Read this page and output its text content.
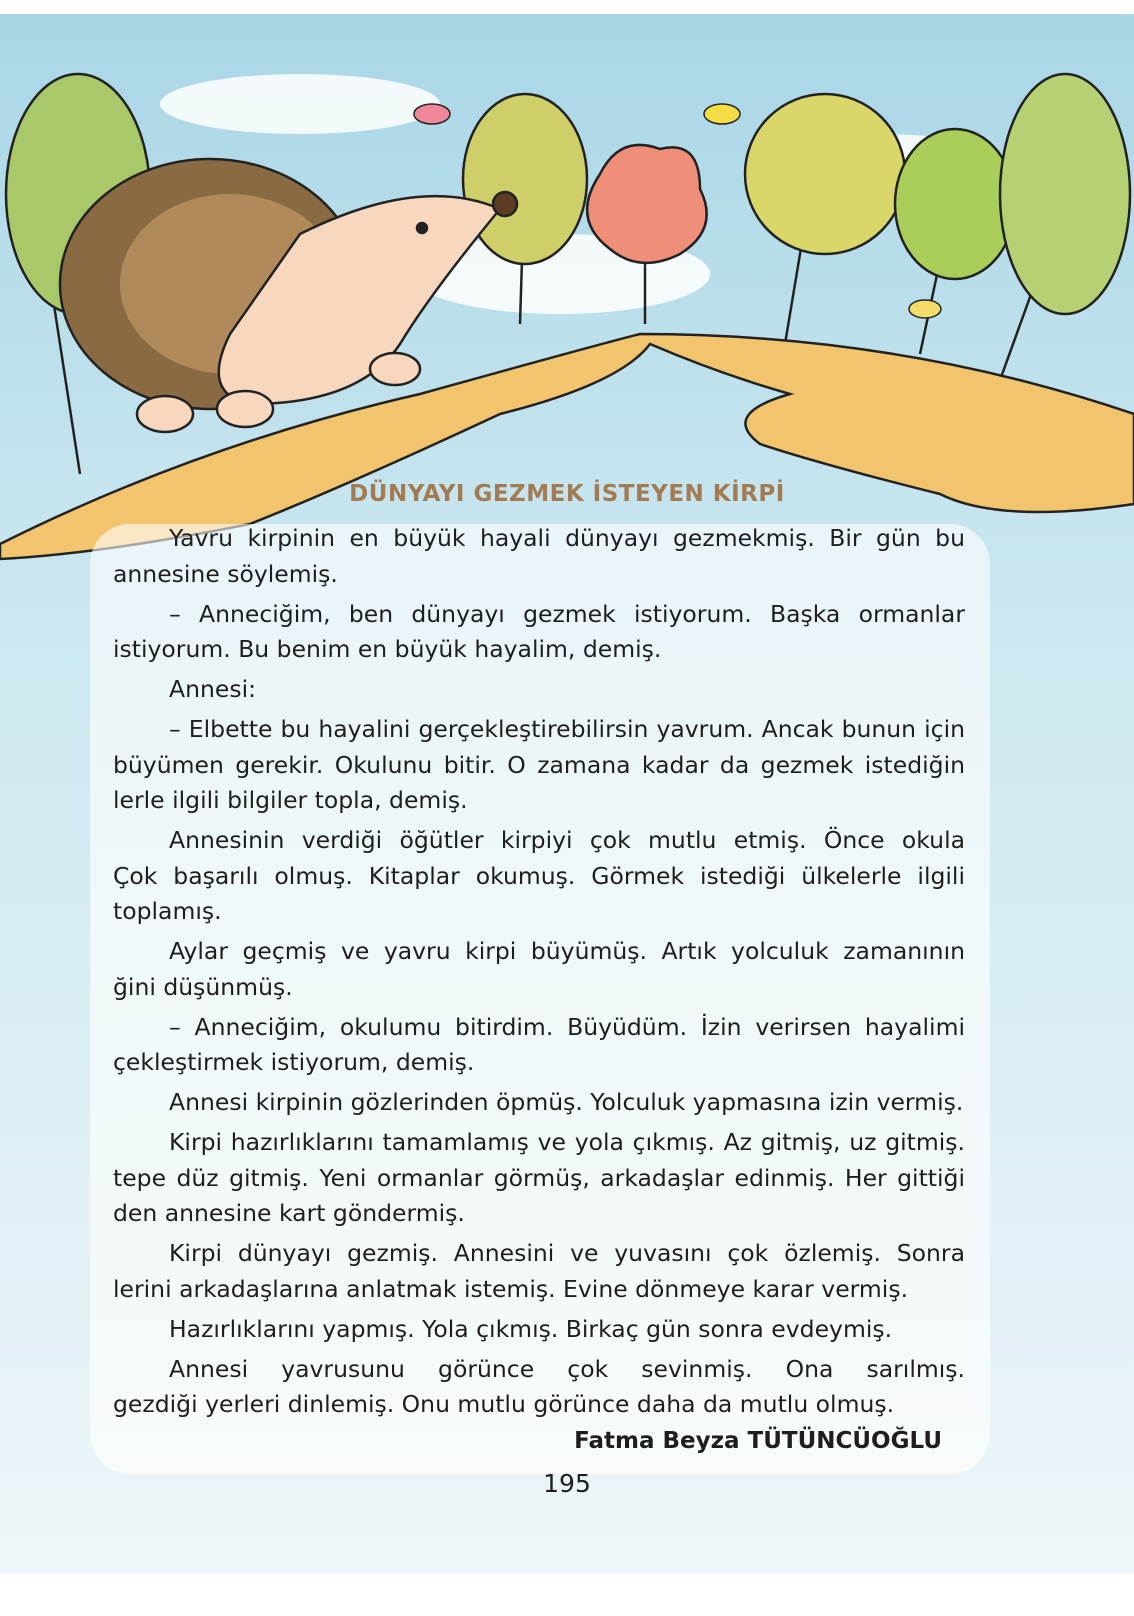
DÜNYAYI GEZMEK İSTEYEN KİRPİ
Yavru kirpinin en büyük hayali dünyayı gezmekmiş. Bir gün bu
annesine söylemiş.
– Anneciğim, ben dünyayı gezmek istiyorum. Başka ormanlar
istiyorum. Bu benim en büyük hayalim, demiş.
Annesi:
– Elbette bu hayalini gerçekleştirebilirsin yavrum. Ancak bunun için
büyümen gerekir. Okulunu bitir. O zamana kadar da gezmek istediğin
lerle ilgili bilgiler topla, demiş.
Annesinin verdiği öğütler kirpiyi çok mutlu etmiş. Önce okula
Çok başarılı olmuş. Kitaplar okumuş. Görmek istediği ülkelerle ilgili
toplamış.
Aylar geçmiş ve yavru kirpi büyümüş. Artık yolculuk zamanının
ğini düşünmüş.
– Anneciğim, okulumu bitirdim. Büyüdüm. İzin verirsen hayalimi
çekleştirmek istiyorum, demiş.
Annesi kirpinin gözlerinden öpmüş. Yolculuk yapmasına izin vermiş.
Kirpi hazırlıklarını tamamlamış ve yola çıkmış. Az gitmiş, uz gitmiş.
tepe düz gitmiş. Yeni ormanlar görmüş, arkadaşlar edinmiş. Her gittiği
den annesine kart göndermiş.
Kirpi dünyayı gezmiş. Annesini ve yuvasını çok özlemiş. Sonra
lerini arkadaşlarına anlatmak istemiş. Evine dönmeye karar vermiş.
Hazırlıklarını yapmış. Yola çıkmış. Birkaç gün sonra evdeymiş.
Annesi yavrusunu görünce çok sevinmiş. Ona sarılmış.
gezdiği yerleri dinlemiş. Onu mutlu görünce daha da mutlu olmuş.
Fatma Beyza TÜTÜNCÜOĞLU
195
